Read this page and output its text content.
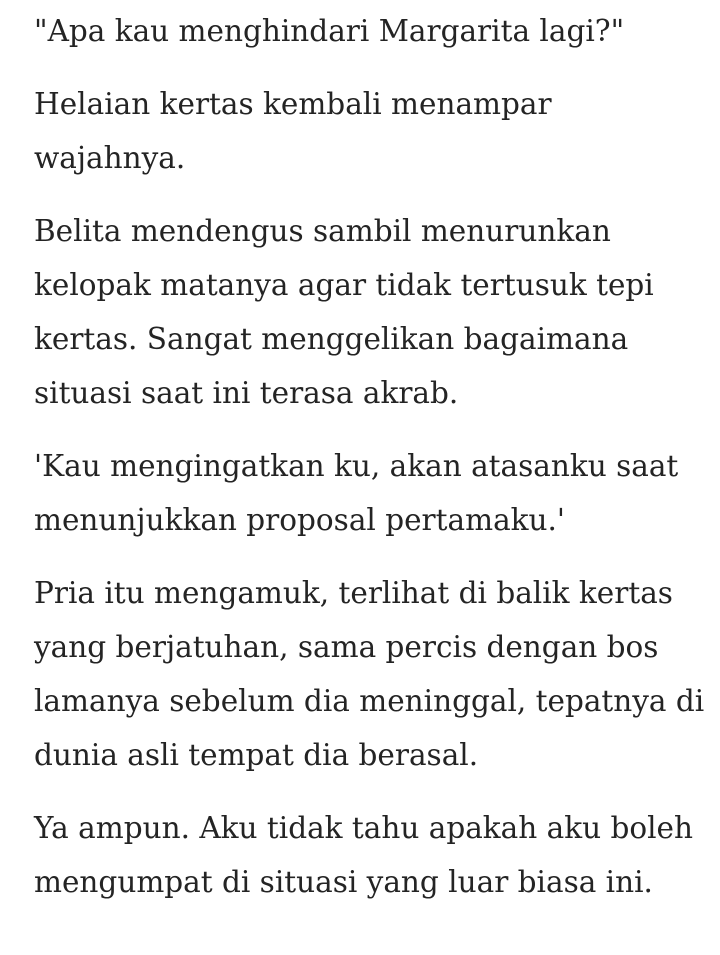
"Apa kau menghindari Margarita lagi?"

Helaian kertas kembali menampar
wajahnya.

Belita mendengus sambil menurunkan
kelopak matanya agar tidak tertusuk tepi
kertas. Sangat menggelikan bagaimana
situasi saat ini terasa akrab.

'Kau mengingatkan ku, akan atasanku saat
menunjukkan proposal pertamaku.'

Pria itu mengamuk, terlihat di balik kertas
yang berjatuhan, sama percis dengan bos
lamanya sebelum dia meninggal, tepatnya di
dunia asli tempat dia berasal.

Ya ampun. Aku tidak tahu apakah aku boleh
mengumpat di situasi yang luar biasa ini.
